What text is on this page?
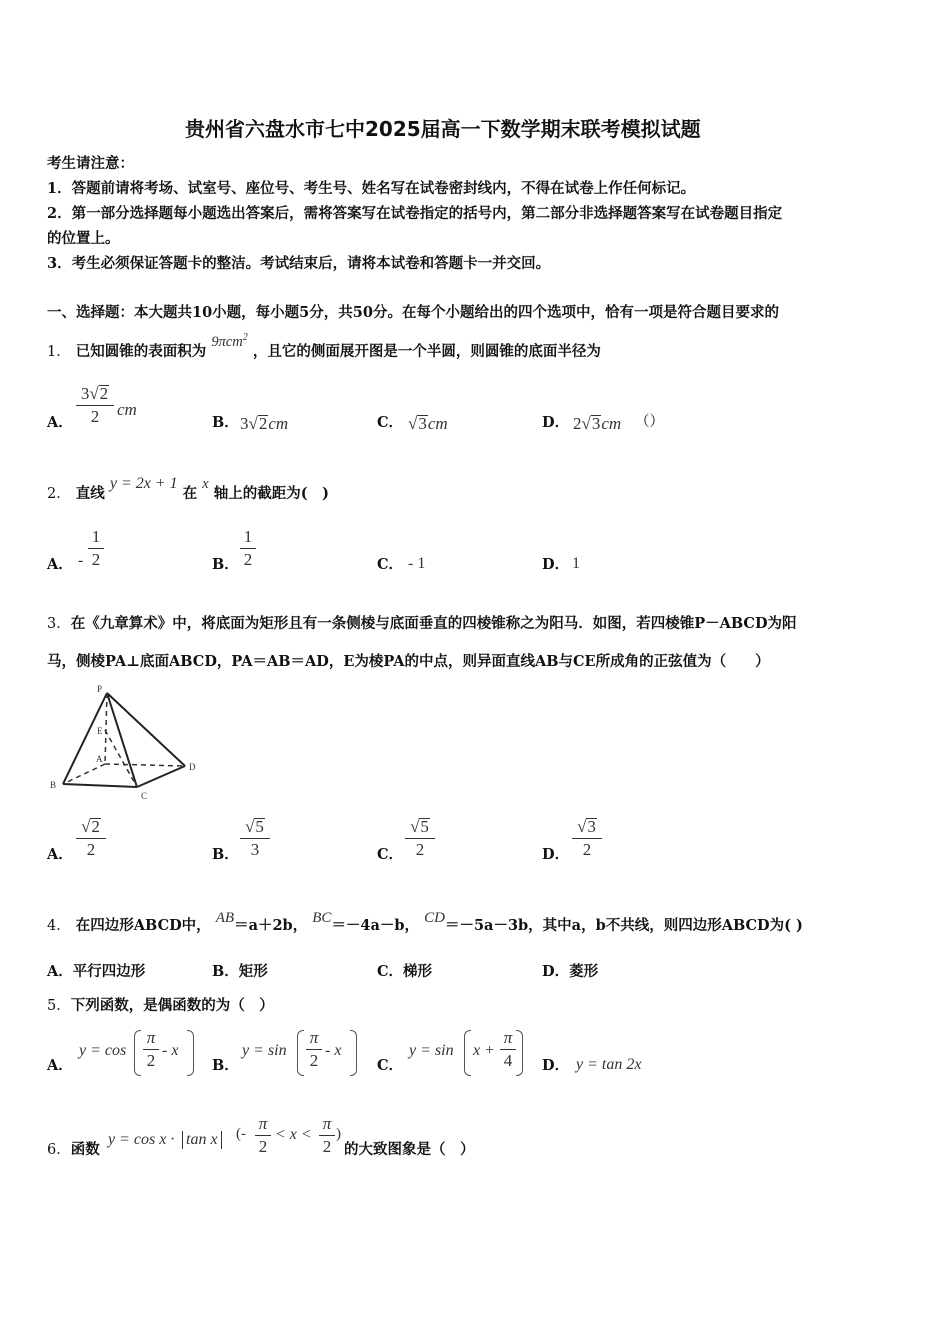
贵州省六盘水市七中2025届高一下数学期末联考模拟试题
考生请注意：
1．答题前请将考场、试室号、座位号、考生号、姓名写在试卷密封线内，不得在试卷上作任何标记。
2．第一部分选择题每小题选出答案后，需将答案写在试卷指定的括号内，第二部分非选择题答案写在试卷题目指定
的位置上。
3．考生必须保证答题卡的整洁。考试结束后，请将本试卷和答题卡一并交回。
一、选择题：本大题共10小题，每小题5分，共50分。在每个小题给出的四个选项中，恰有一项是符合题目要求的
1． 已知圆锥的表面积为 9πcm$^2$ ，且它的侧面展开图是一个半圆，则圆锥的底面半径为
A．
3√2
2	cm
B． 3√2cm	C． √3cm	D． 2√3cm （）
2． 直线 y = 2x + 1 在 x 轴上的截距为(　)
A． -
1
2	B．
1
2	C． - 1	D． 1
3．在《九章算术》中，将底面为矩形且有一条侧棱与底面垂直的四棱锥称之为阳马．如图，若四棱锥P－ABCD为阳
马，侧棱PA⊥底面ABCD，PA＝AB＝AD，E为棱PA的中点，则异面直线AB与CE所成角的正弦值为（　　）
P
E
A
B
C
D
A．
√2
2	B．
√5
3	C．
√5
2	D．
√3
2
4． 在四边形ABCD中， AB＝a＋2b， BC＝－4a－b， CD＝－5a－3b，其中a，b不共线，则四边形ABCD为( )
A．平行四边形	B．矩形	C．梯形	D．菱形
5．下列函数，是偶函数的为（　）
A．
y = cos
π
2
- x
B．
y = sin
π
2
- x
C．
y = sin x +
π
4 D． y = tan 2x
6．函数
y = cos x · tan x (-
π
2
< x <
π
2
)
的大致图象是（　）
